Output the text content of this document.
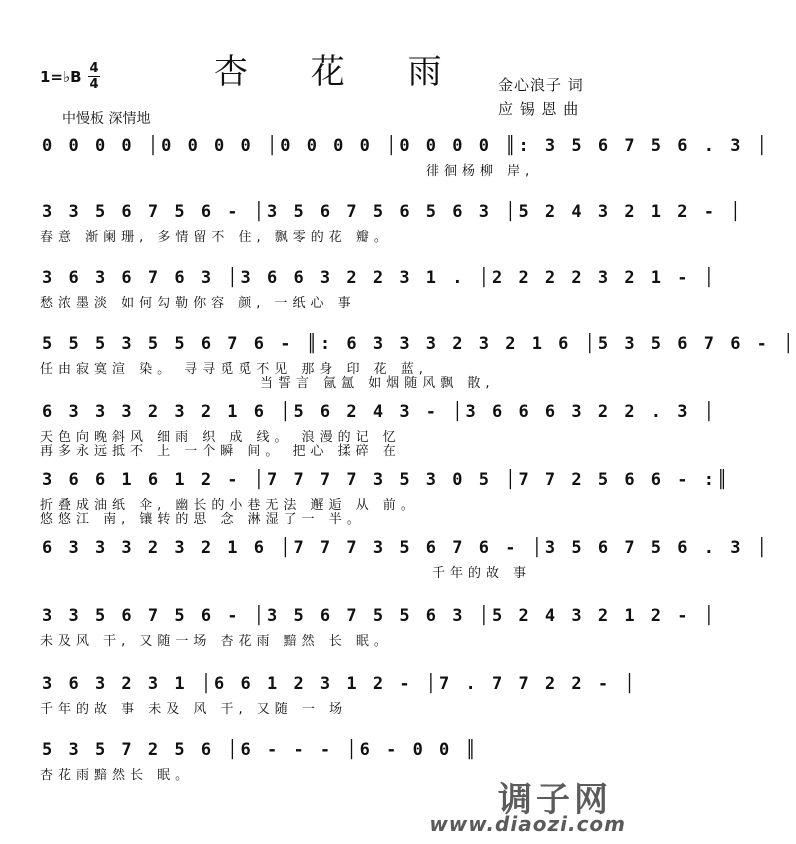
杏 花 雨
1=♭B 4
4	金心浪子 词
应 锡 恩 曲
中慢板 深情地
0 0 0 0 │0 0 0 0 │0 0 0 0 │0 0 0 0 ║: 3 5 6 7 5 6 . 3 │
徘徊杨柳 岸,
3 3 5 6 7 5 6 - │3 5 6 7 5 6 5 6 3 │5 2 4 3 2 1 2 - │
春意 渐阑珊, 多情留不 住, 飘零的花 瓣。
3 6 3 6 7 6 3 │3 6 6 3 2 2 3 1 . │2 2 2 2 3 2 1 - │
愁浓墨淡 如何勾勒你容 颜, 一纸心 事
5 5 5 3 5 5 6 7 6 - ║: 6 3 3 3 2 3 2 1 6 │5 3 5 6 7 6 - │
任由寂寞渲 染。 寻寻觅觅不见 那身 印 花 蓝,
当誓言 氤氲 如烟随风飘 散,
6 3 3 3 2 3 2 1 6 │5 6 2 4 3 - │3 6 6 6 3 2 2 . 3 │
天色向晚斜风 细雨 织 成 线。 浪漫的记 忆
再多永远抵不 上 一个瞬 间。 把心 揉碎 在
3 6 6 1 6 1 2 - │7 7 7 7 3 5 3 0 5 │7 7 2 5 6 6 - :║
折叠成油纸 伞, 幽长的小巷无法 邂逅 从 前。
悠悠江 南, 镶转的思 念 淋湿了一 半。
6 3 3 3 2 3 2 1 6 │7 7 7 3 5 6 7 6 - │3 5 6 7 5 6 . 3 │
千年的故 事
3 3 5 6 7 5 6 - │3 5 6 7 5 5 6 3 │5 2 4 3 2 1 2 - │
未及风 干, 又随一场 杏花雨 黯然 长 眠。
3 6 3 2 3 1 │6 6 1 2 3 1 2 - │7 . 7 7 2 2 - │
千年的故 事 未及 风 干, 又随 一 场
5 3 5 7 2 5 6 │6 - - - │6 - 0 0 ║
杏花雨黯然长 眠。
调子网
www.diaozi.com
